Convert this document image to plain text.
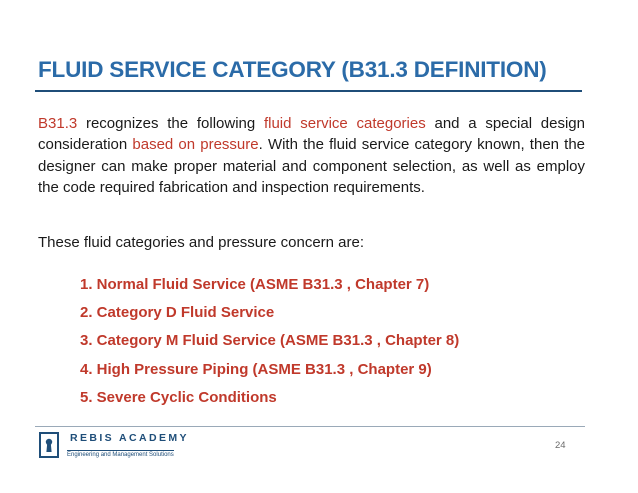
FLUID SERVICE CATEGORY (B31.3 DEFINITION)

B31.3 recognizes the following fluid service categories and a special design consideration based on pressure. With the fluid service category known, then the designer can make proper material and component selection, as well as employ the code required fabrication and inspection requirements.

These fluid categories and pressure concern are:

1. Normal Fluid Service (ASME B31.3 , Chapter 7)
2. Category D Fluid Service
3. Category M Fluid Service (ASME B31.3 , Chapter 8)
4. High Pressure Piping (ASME B31.3 , Chapter 9)
5. Severe Cyclic Conditions
REBIS ACADEMY
Engineering and Management Solutions
24
